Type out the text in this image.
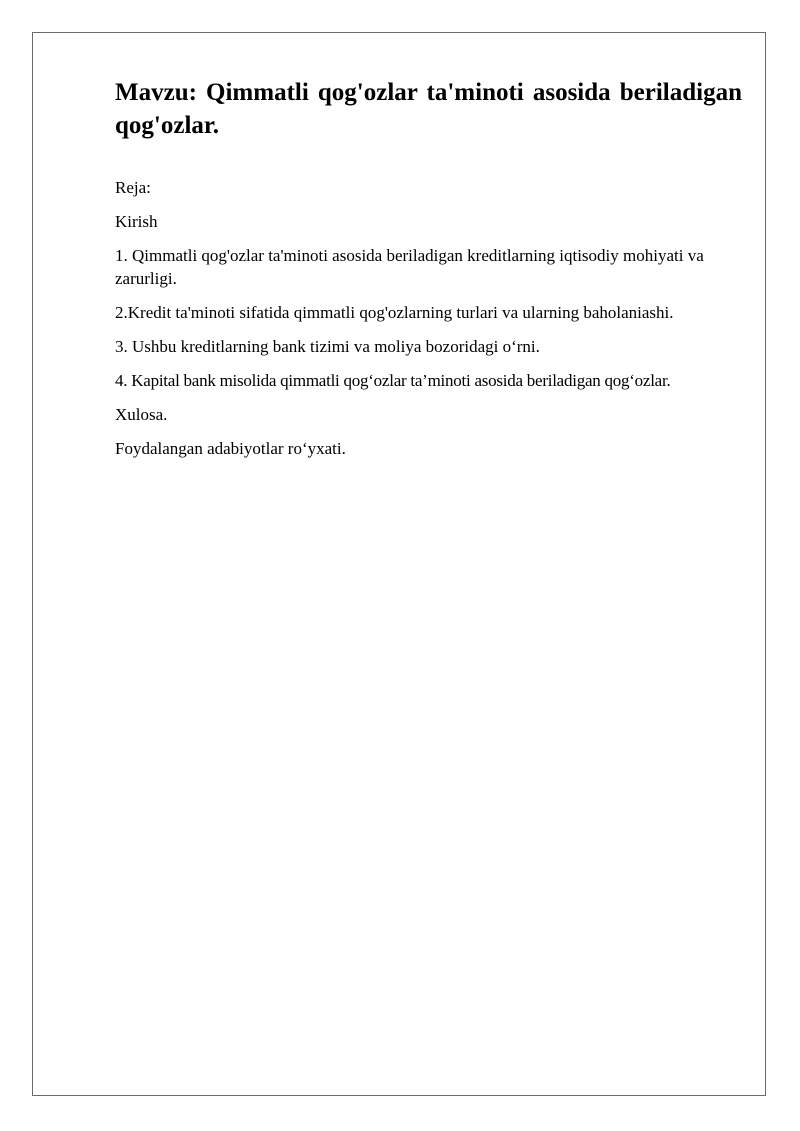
Mavzu: Qimmatli qog'ozlar ta'minoti asosida beriladigan qog'ozlar.

Reja:

Kirish

1. Qimmatli qog'ozlar ta'minoti asosida beriladigan kreditlarning iqtisodiy mohiyati va zarurligi.

2.Kredit ta'minoti sifatida qimmatli qog'ozlarning turlari va ularning baholaniashi.

3. Ushbu kreditlarning bank tizimi va moliya bozoridagi o‘rni.

4. Kapital bank misolida qimmatli qog‘ozlar ta’minoti asosida beriladigan qog‘ozlar.

Xulosa.

Foydalangan adabiyotlar ro‘yxati.
